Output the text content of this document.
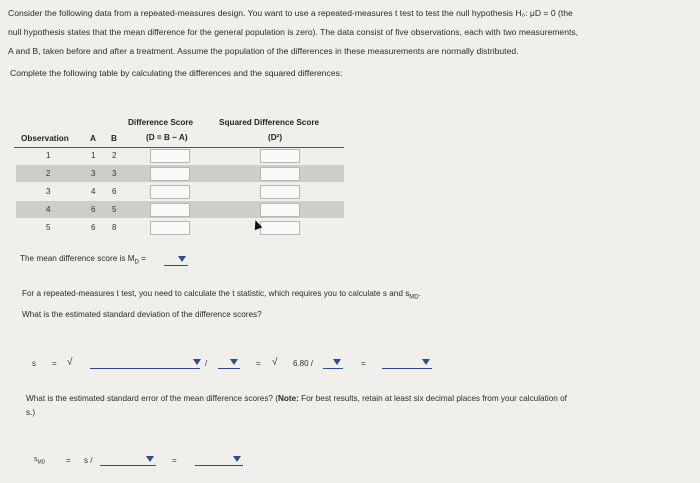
Consider the following data from a repeated-measures design. You want to use a repeated-measures t test to test the null hypothesis H₀: μD = 0 (the
null hypothesis states that the mean difference for the general population is zero). The data consist of five observations, each with two measurements,
A and B, taken before and after a treatment. Assume the population of the differences in these measurements are normally distributed.
Complete the following table by calculating the differences and the squared differences:
Difference Score
(D = B − A)
Squared Difference Score
(D²)
Observation	A B
1	1 2
2	3 3
3	4 6
4	6 5
5	6 8
The mean difference score is $M_D$ =
For a repeated-measures t test, you need to calculate the t statistic, which requires you to calculate s and $s_{MD}$.
What is the estimated standard deviation of the difference scores?
s = √	/	= √ 6.80 /	=
What is the estimated standard error of the mean difference scores? (Note: For best results, retain at least six decimal places from your calculation of
s.)
$s_{MD}$	= s /	=
